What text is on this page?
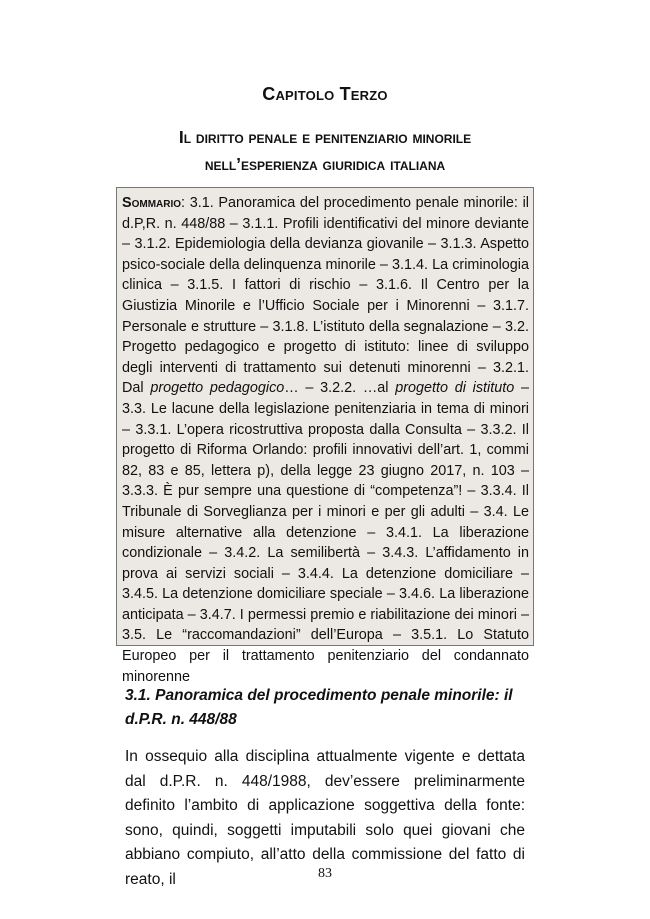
Capitolo Terzo
Il diritto penale e penitenziario minorile
nell’esperienza giuridica italiana
Sommario: 3.1. Panoramica del procedimento penale minorile: il d.P,R. n. 448/88 – 3.1.1. Profili identificativi del minore deviante – 3.1.2. Epidemiologia della devianza giovanile – 3.1.3. Aspetto psico-sociale della delinquenza minorile – 3.1.4. La criminologia clinica – 3.1.5. I fattori di rischio – 3.1.6. Il Centro per la Giustizia Minorile e l’Ufficio Sociale per i Minorenni – 3.1.7. Personale e strutture – 3.1.8. L’istituto della segnalazione – 3.2. Progetto pedagogico e progetto di istituto: linee di sviluppo degli interventi di trattamento sui detenuti minorenni – 3.2.1. Dal progetto pedagogico… – 3.2.2. …al progetto di istituto – 3.3. Le lacune della legislazione penitenziaria in tema di minori – 3.3.1. L’opera ricostruttiva proposta dalla Consulta – 3.3.2. Il progetto di Riforma Orlando: profili innovativi dell’art. 1, commi 82, 83 e 85, lettera p), della legge 23 giugno 2017, n. 103 – 3.3.3. È pur sempre una questione di “competenza”! – 3.3.4. Il Tribunale di Sorveglianza per i minori e per gli adulti – 3.4. Le misure alternative alla detenzione – 3.4.1. La liberazione condizionale – 3.4.2. La semilibertà – 3.4.3. L’affidamento in prova ai servizi sociali – 3.4.4. La detenzione domiciliare – 3.4.5. La detenzione domiciliare speciale – 3.4.6. La liberazione anticipata – 3.4.7. I permessi premio e riabilitazione dei minori – 3.5. Le “raccomandazioni” dell’Europa – 3.5.1. Lo Statuto Europeo per il trattamento penitenziario del condannato minorenne
3.1. Panoramica del procedimento penale minorile: il d.P.R. n. 448/88
In ossequio alla disciplina attualmente vigente e dettata dal d.P.R. n. 448/1988, dev’essere preliminarmente definito l’ambito di applicazione soggettiva della fonte: sono, quindi, soggetti imputabili solo quei giovani che abbiano compiuto, all’atto della commissione del fatto di reato, il	83
